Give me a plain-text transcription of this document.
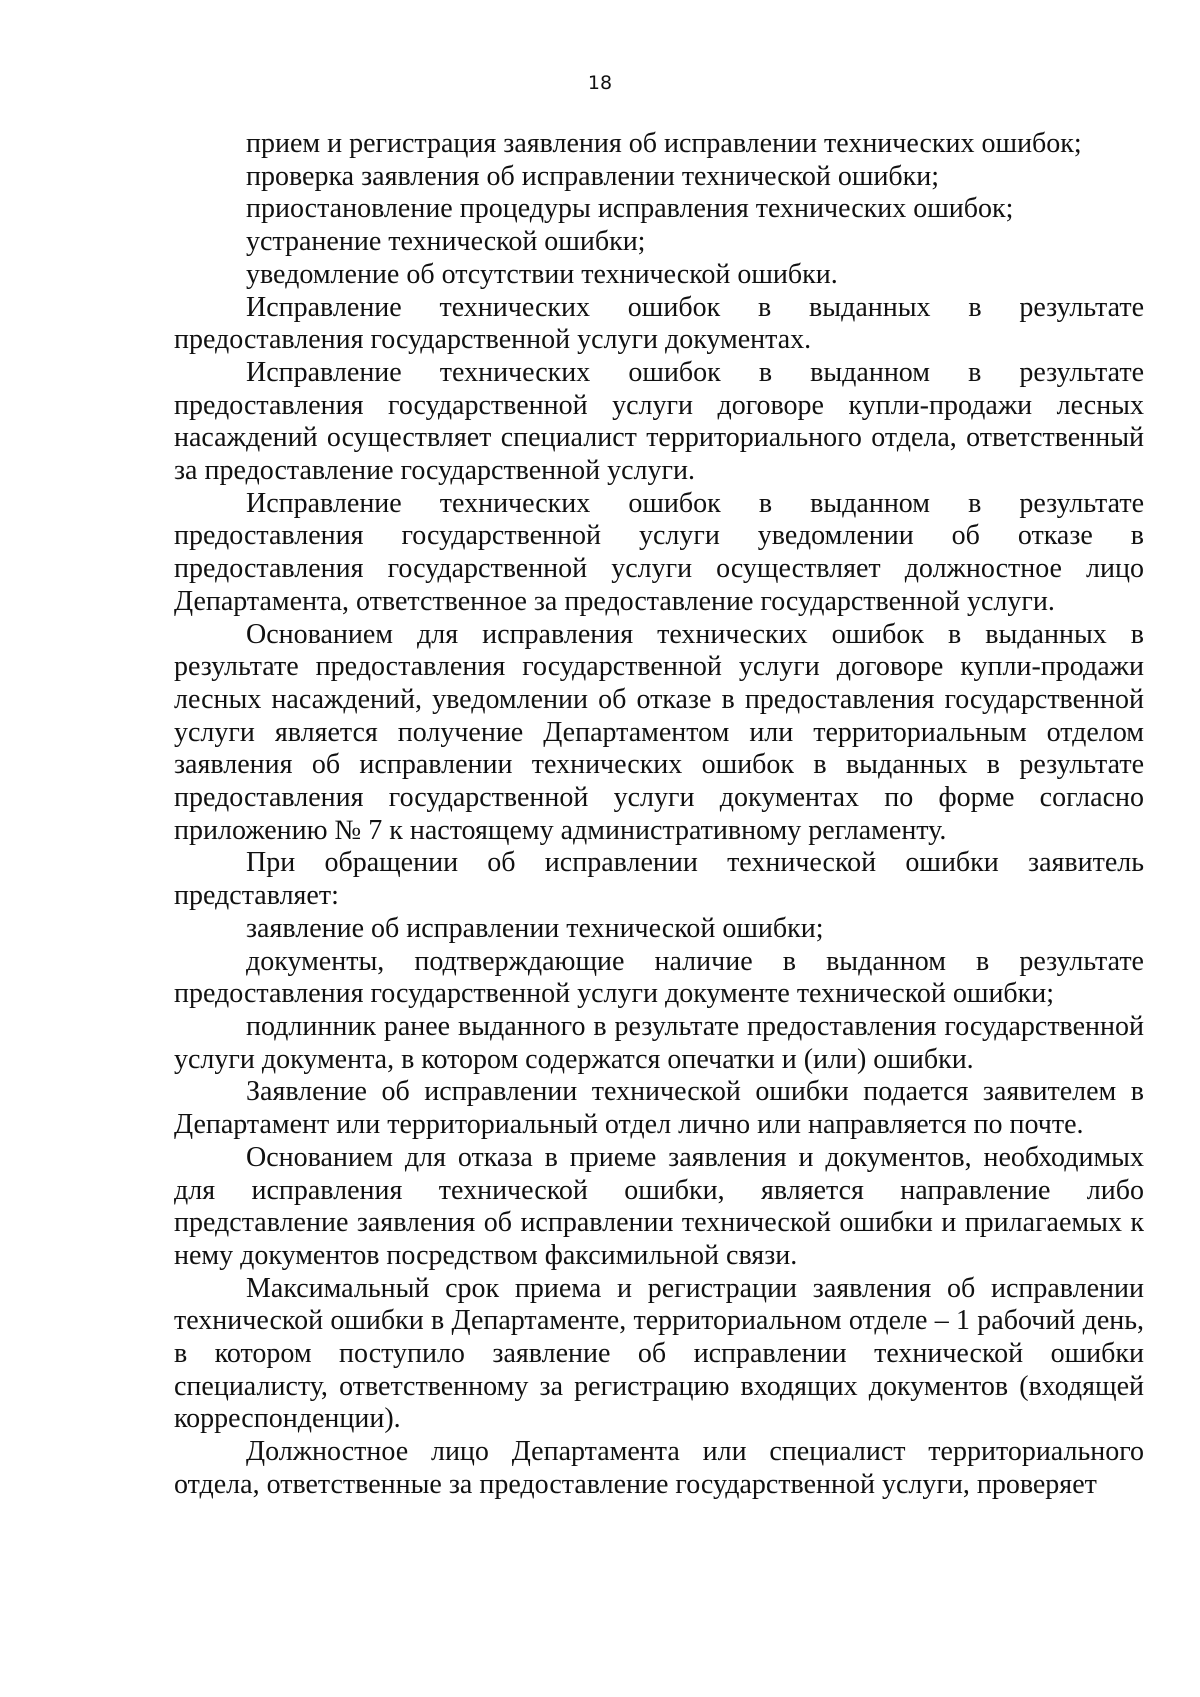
18

прием и регистрация заявления об исправлении технических ошибок;

проверка заявления об исправлении технической ошибки;

приостановление процедуры исправления технических ошибок;

устранение технической ошибки;

уведомление об отсутствии технической ошибки.

Исправление технических ошибок в выданных в результате предоставления государственной услуги документах.

Исправление технических ошибок в выданном в результате предоставления государственной услуги договоре купли-продажи лесных насаждений осуществляет специалист территориального отдела, ответственный за предоставление государственной услуги.

Исправление технических ошибок в выданном в результате предоставления государственной услуги уведомлении об отказе в предоставления государственной услуги осуществляет должностное лицо Департамента, ответственное за предоставление государственной услуги.

Основанием для исправления технических ошибок в выданных в результате предоставления государственной услуги договоре купли-продажи лесных насаждений, уведомлении об отказе в предоставления государственной услуги является получение Департаментом или территориальным отделом заявления об исправлении технических ошибок в выданных в результате предоставления государственной услуги документах по форме согласно приложению № 7 к настоящему административному регламенту.

При обращении об исправлении технической ошибки заявитель представляет:

заявление об исправлении технической ошибки;

документы, подтверждающие наличие в выданном в результате предоставления государственной услуги документе технической ошибки;

подлинник ранее выданного в результате предоставления государственной услуги документа, в котором содержатся опечатки и (или) ошибки.

Заявление об исправлении технической ошибки подается заявителем в Департамент или территориальный отдел лично или направляется по почте.

Основанием для отказа в приеме заявления и документов, необходимых для исправления технической ошибки, является направление либо представление заявления об исправлении технической ошибки и прилагаемых к нему документов посредством факсимильной связи.

Максимальный срок приема и регистрации заявления об исправлении технической ошибки в Департаменте, территориальном отделе – 1 рабочий день, в котором поступило заявление об исправлении технической ошибки специалисту, ответственному за регистрацию входящих документов (входящей корреспонденции).

Должностное лицо Департамента или специалист территориального отдела, ответственные за предоставление государственной услуги, проверяет
